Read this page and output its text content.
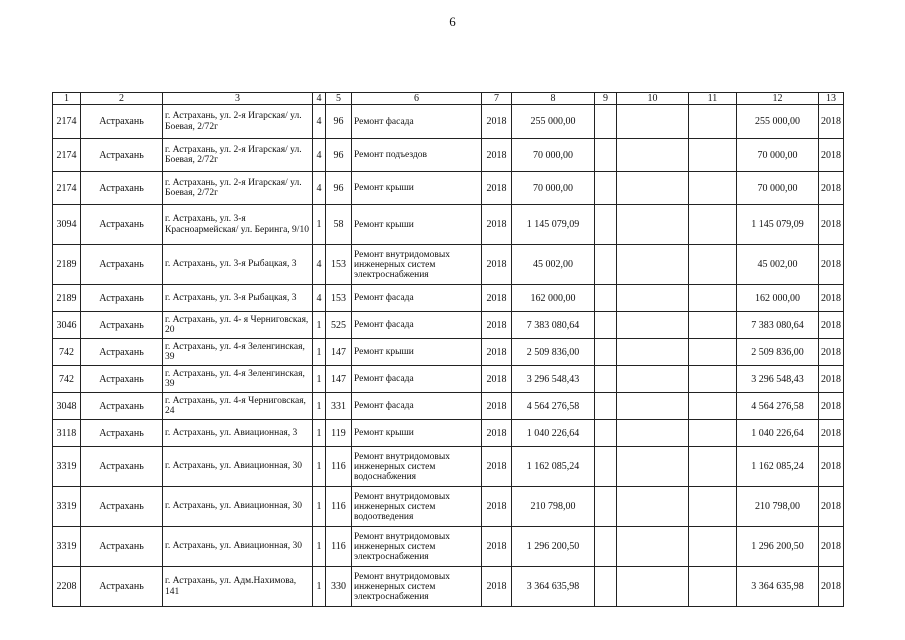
6
1	2	3	4	5	6	7	8	9	10	11	12	13
2174	Астрахань	г. Астрахань, ул. 2-я Игарская/ ул. Боевая, 2/72г	4	96	Ремонт фасада	2018	255 000,00				255 000,00	2018
2174	Астрахань	г. Астрахань, ул. 2-я Игарская/ ул. Боевая, 2/72г	4	96	Ремонт подъездов	2018	70 000,00				70 000,00	2018
2174	Астрахань	г. Астрахань, ул. 2-я Игарская/ ул. Боевая, 2/72г	4	96	Ремонт крыши	2018	70 000,00				70 000,00	2018
3094	Астрахань	г. Астрахань, ул. 3-я Красноармейская/ ул. Беринга, 9/10	1	58	Ремонт крыши	2018	1 145 079,09				1 145 079,09	2018
2189	Астрахань	г. Астрахань, ул. 3-я Рыбацкая, 3	4	153	Ремонт внутридомовых инженерных систем электроснабжения	2018	45 002,00				45 002,00	2018
2189	Астрахань	г. Астрахань, ул. 3-я Рыбацкая, 3	4	153	Ремонт фасада	2018	162 000,00				162 000,00	2018
3046	Астрахань	г. Астрахань, ул. 4- я Черниговская, 20	1	525	Ремонт фасада	2018	7 383 080,64				7 383 080,64	2018
742	Астрахань	г. Астрахань, ул. 4-я Зеленгинская, 39	1	147	Ремонт крыши	2018	2 509 836,00				2 509 836,00	2018
742	Астрахань	г. Астрахань, ул. 4-я Зеленгинская, 39	1	147	Ремонт фасада	2018	3 296 548,43				3 296 548,43	2018
3048	Астрахань	г. Астрахань, ул. 4-я Черниговская, 24	1	331	Ремонт фасада	2018	4 564 276,58				4 564 276,58	2018
3118	Астрахань	г. Астрахань, ул. Авиационная, 3	1	119	Ремонт крыши	2018	1 040 226,64				1 040 226,64	2018
3319	Астрахань	г. Астрахань, ул. Авиационная, 30	1	116	Ремонт внутридомовых инженерных систем водоснабжения	2018	1 162 085,24				1 162 085,24	2018
3319	Астрахань	г. Астрахань, ул. Авиационная, 30	1	116	Ремонт внутридомовых инженерных систем водоотведения	2018	210 798,00				210 798,00	2018
3319	Астрахань	г. Астрахань, ул. Авиационная, 30	1	116	Ремонт внутридомовых инженерных систем электроснабжения	2018	1 296 200,50				1 296 200,50	2018
2208	Астрахань	г. Астрахань, ул. Адм.Нахимова, 141	1	330	Ремонт внутридомовых инженерных систем электроснабжения	2018	3 364 635,98				3 364 635,98	2018
